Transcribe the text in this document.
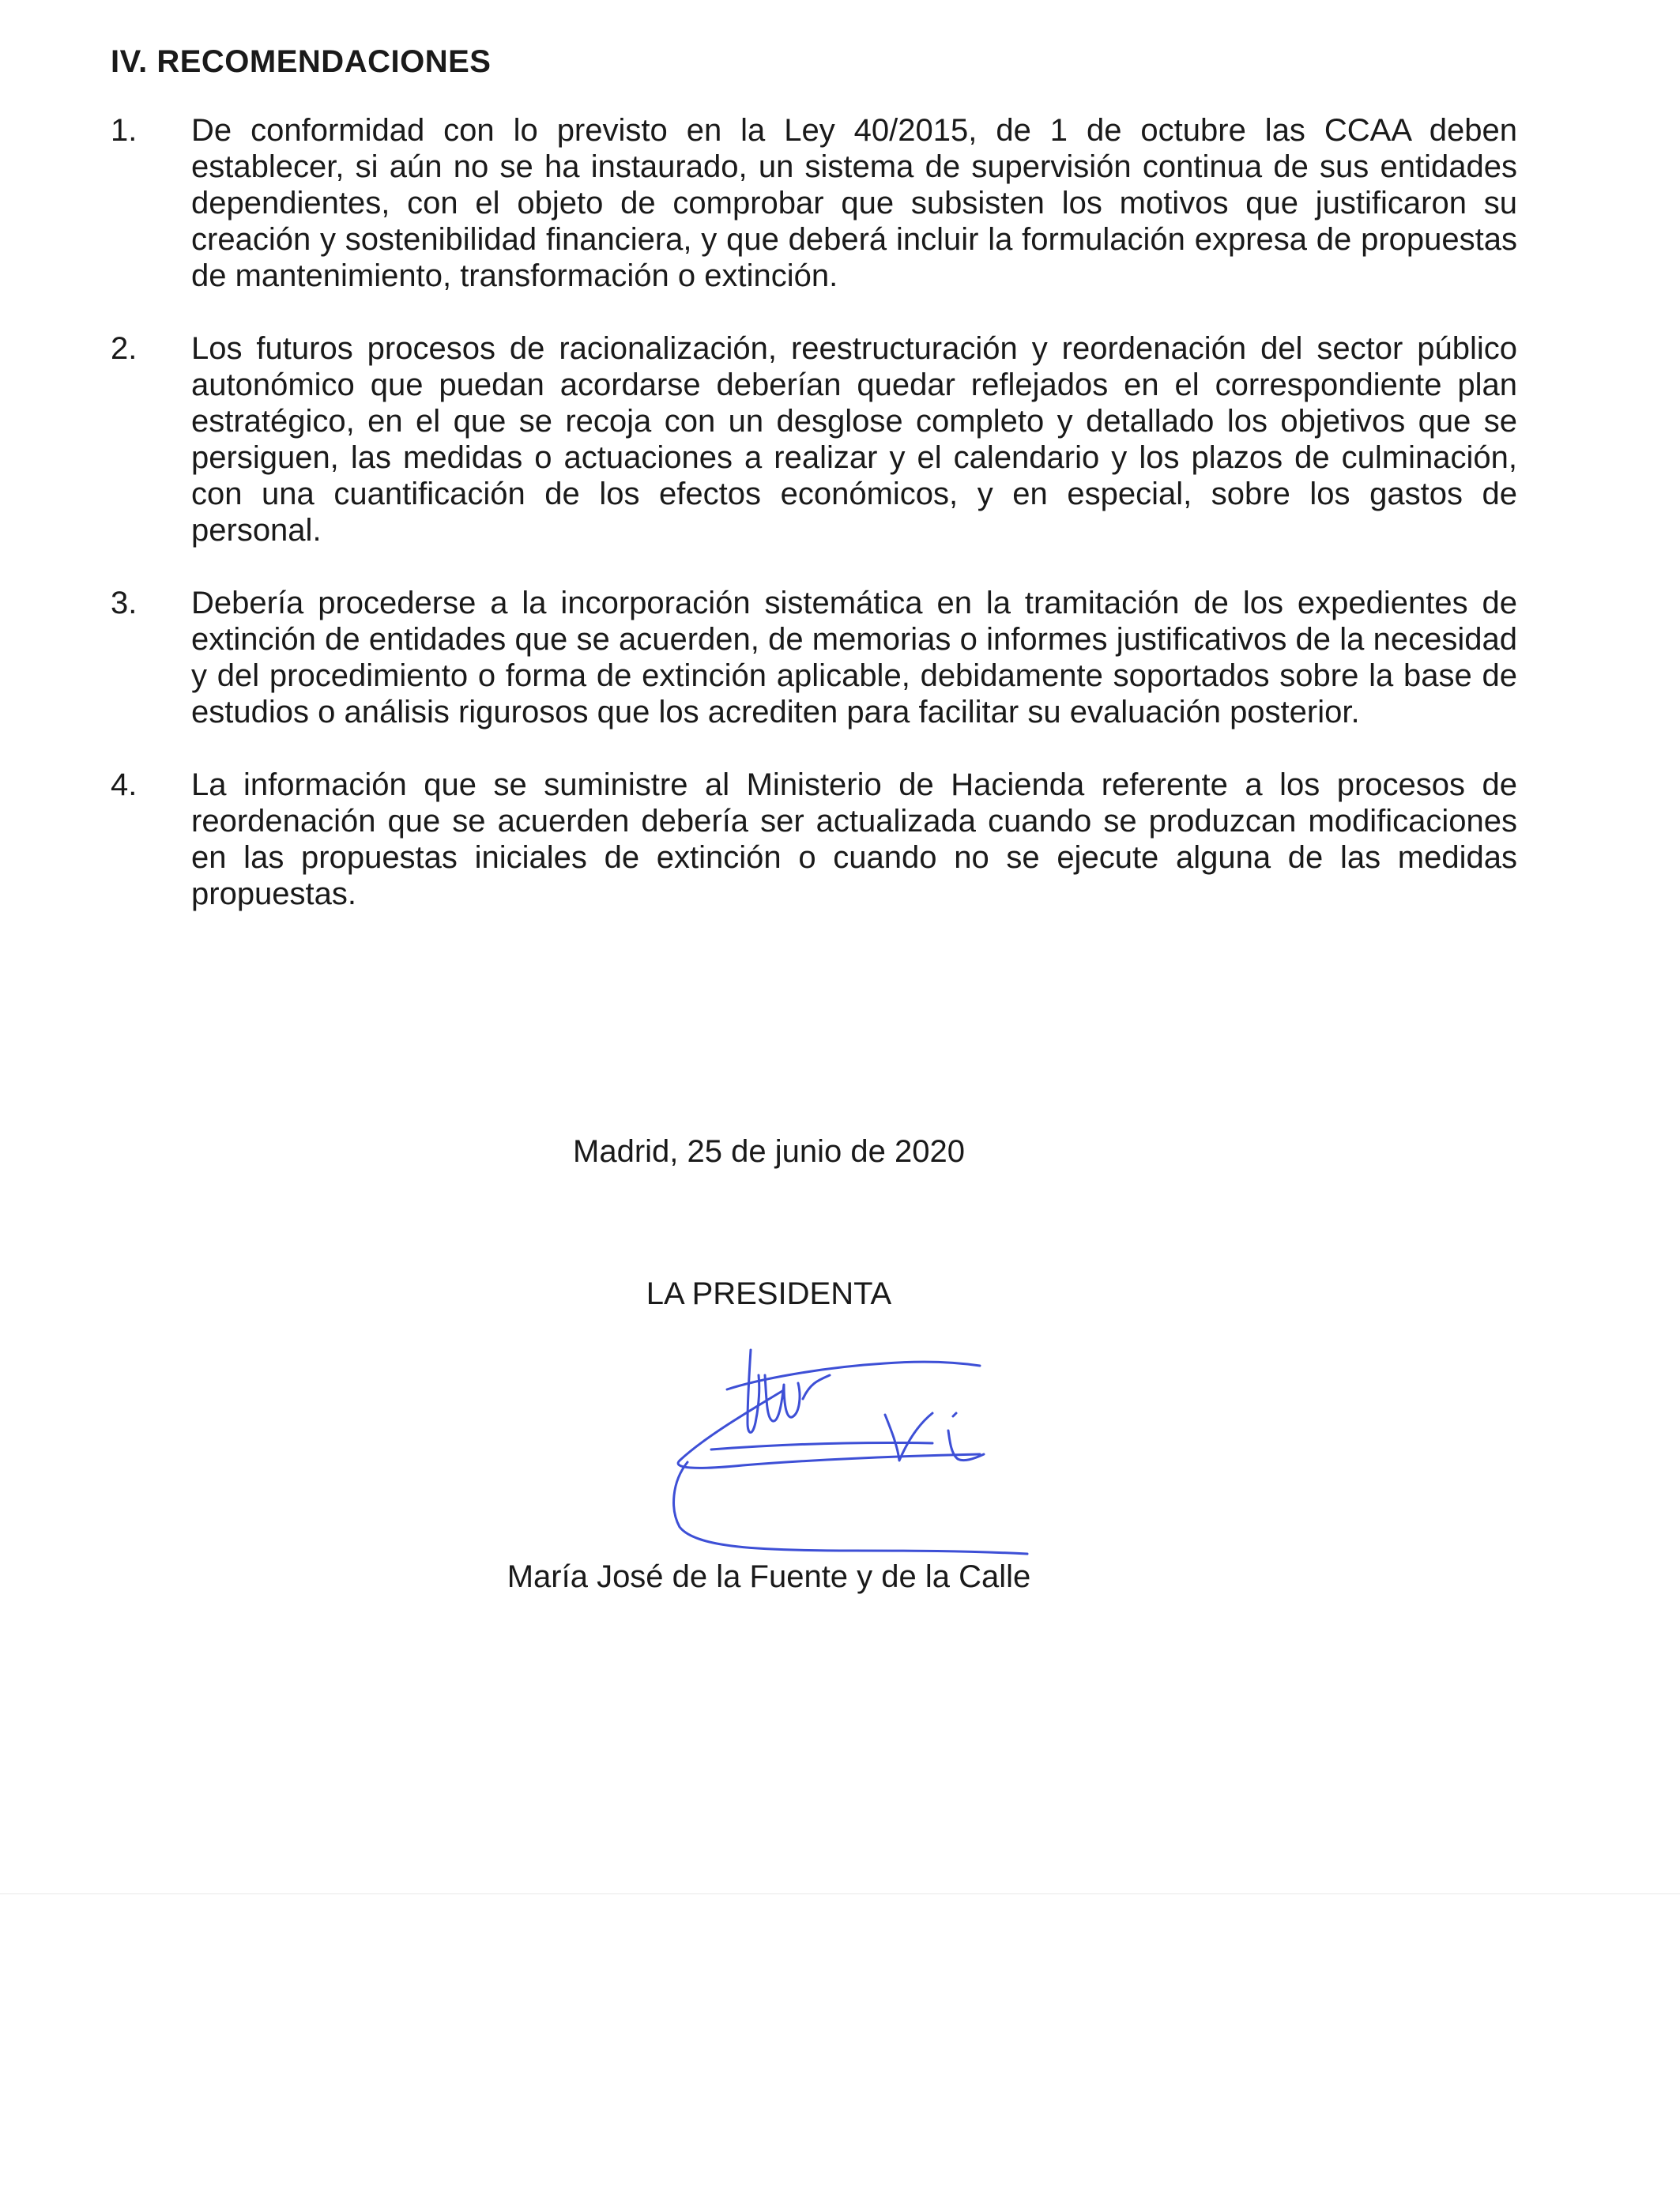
IV. RECOMENDACIONES
1. De conformidad con lo previsto en la Ley 40/2015, de 1 de octubre las CCAA deben establecer, si aún no se ha instaurado, un sistema de supervisión continua de sus entidades dependientes, con el objeto de comprobar que subsisten los motivos que justificaron su creación y sostenibilidad financiera, y que deberá incluir la formulación expresa de propuestas de mantenimiento, transformación o extinción.
2. Los futuros procesos de racionalización, reestructuración y reordenación del sector público autonómico que puedan acordarse deberían quedar reflejados en el correspondiente plan estratégico, en el que se recoja con un desglose completo y detallado los objetivos que se persiguen, las medidas o actuaciones a realizar y el calendario y los plazos de culminación, con una cuantificación de los efectos económicos, y en especial, sobre los gastos de personal.
3. Debería procederse a la incorporación sistemática en la tramitación de los expedientes de extinción de entidades que se acuerden, de memorias o informes justificativos de la necesidad y del procedimiento o forma de extinción aplicable, debidamente soportados sobre la base de estudios o análisis rigurosos que los acrediten para facilitar su evaluación posterior.
4. La información que se suministre al Ministerio de Hacienda referente a los procesos de reordenación que se acuerden debería ser actualizada cuando se produzcan modificaciones en las propuestas iniciales de extinción o cuando no se ejecute alguna de las medidas propuestas.
Madrid, 25 de junio de 2020
LA PRESIDENTA
María José de la Fuente y de la Calle
